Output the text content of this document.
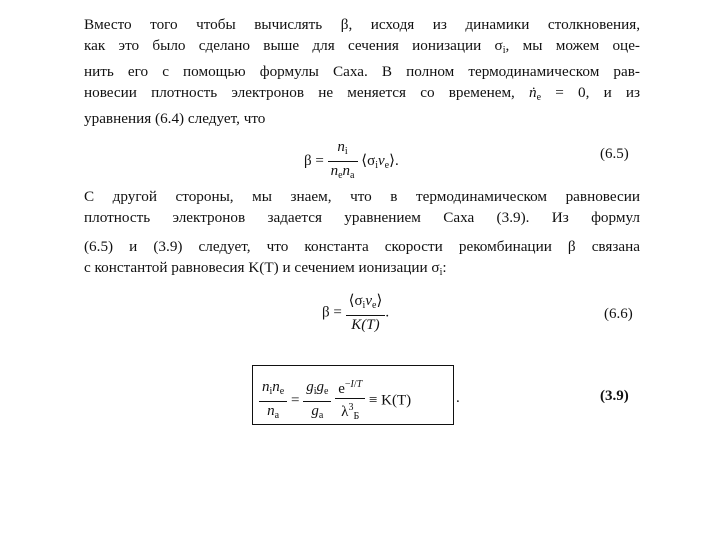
Вместо того чтобы вычислять β, исходя из динамики столкновения,
как это было сделано выше для сечения ионизации $\sigma_i$, мы можем оце-
нить его с помощью формулы Саха. В полном термодинамическом рав-
новесии плотность электронов не меняется со временем, ṅ$_e$ = 0, и из
уравнения (6.4) следует, что
$\beta = \frac{n_i}{n_en_a}$ $⟨\sigma_iv_e⟩$.	(6.5)
С другой стороны, мы знаем, что в термодинамическом равновесии
плотность электронов задается уравнением Саха (3.9). Из формул
(6.5) и (3.9) следует, что константа скорости рекомбинации β связана
с константой равновесия K(T) и сечением ионизации $\sigma_i$:
$\beta = \frac{⟨\sigma_iv_e⟩}{K(T)}$ .	(6.6)
$\frac{n_in_e}{n_a} = \frac{g_ig_e}{g_a}$
$\frac{e^{-I/T}}{\lambda^3_Б} \equiv K(T)$	.	(3.9)
